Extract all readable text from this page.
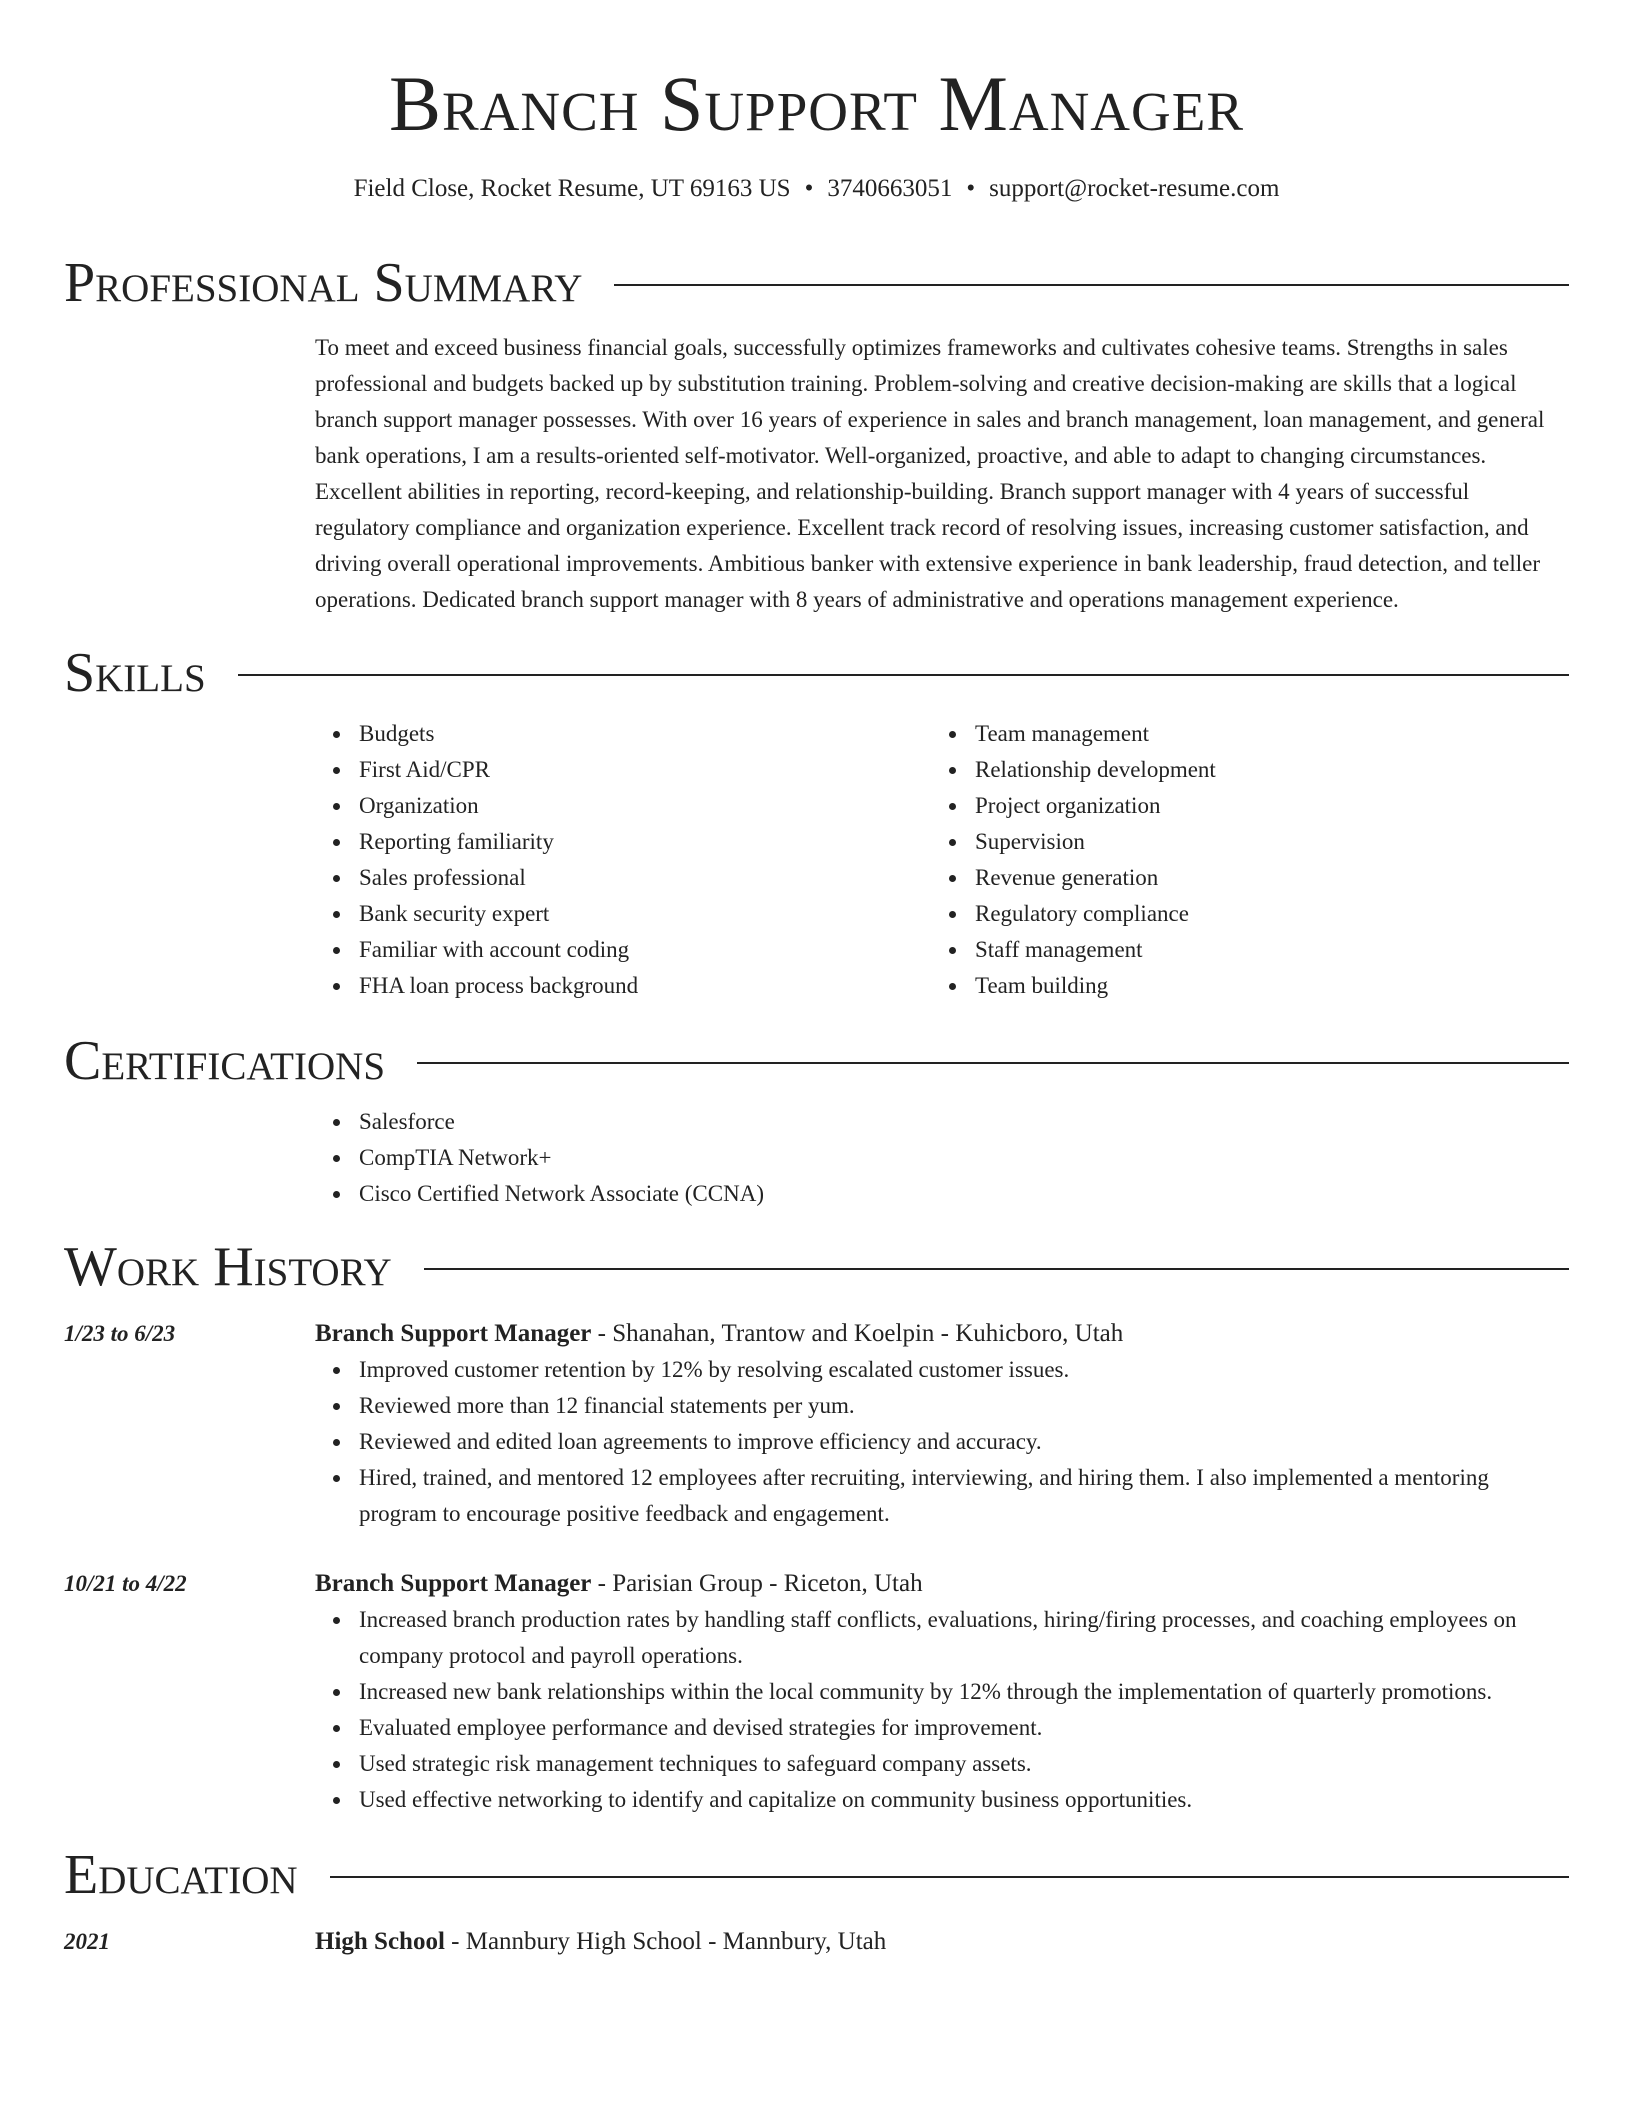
Branch Support Manager
Field Close, Rocket Resume, UT 69163 US • 3740663051 • support@rocket-resume.com
Professional Summary

To meet and exceed business financial goals, successfully optimizes frameworks and cultivates cohesive teams. Strengths in sales professional and budgets backed up by substitution training. Problem-solving and creative decision-making are skills that a logical branch support manager possesses. With over 16 years of experience in sales and branch management, loan management, and general bank operations, I am a results-oriented self-motivator. Well-organized, proactive, and able to adapt to changing circumstances. Excellent abilities in reporting, record-keeping, and relationship-building. Branch support manager with 4 years of successful regulatory compliance and organization experience. Excellent track record of resolving issues, increasing customer satisfaction, and driving overall operational improvements. Ambitious banker with extensive experience in bank leadership, fraud detection, and teller operations. Dedicated branch support manager with 8 years of administrative and operations management experience.

Skills
Budgets
First Aid/CPR
Organization
Reporting familiarity
Sales professional
Bank security expert
Familiar with account coding
FHA loan process background
Team management
Relationship development
Project organization
Supervision
Revenue generation
Regulatory compliance
Staff management
Team building
Certifications
Salesforce
CompTIA Network+
Cisco Certified Network Associate (CCNA)
Work History
1/23 to 6/23	Branch Support Manager - Shanahan, Trantow and Koelpin - Kuhicboro, Utah
Improved customer retention by 12% by resolving escalated customer issues.
Reviewed more than 12 financial statements per yum.
Reviewed and edited loan agreements to improve efficiency and accuracy.
Hired, trained, and mentored 12 employees after recruiting, interviewing, and hiring them. I also implemented a mentoring program to encourage positive feedback and engagement.
10/21 to 4/22	Branch Support Manager - Parisian Group - Riceton, Utah
Increased branch production rates by handling staff conflicts, evaluations, hiring/firing processes, and coaching employees on company protocol and payroll operations.
Increased new bank relationships within the local community by 12% through the implementation of quarterly promotions.
Evaluated employee performance and devised strategies for improvement.
Used strategic risk management techniques to safeguard company assets.
Used effective networking to identify and capitalize on community business opportunities.
Education
2021	High School - Mannbury High School - Mannbury, Utah
